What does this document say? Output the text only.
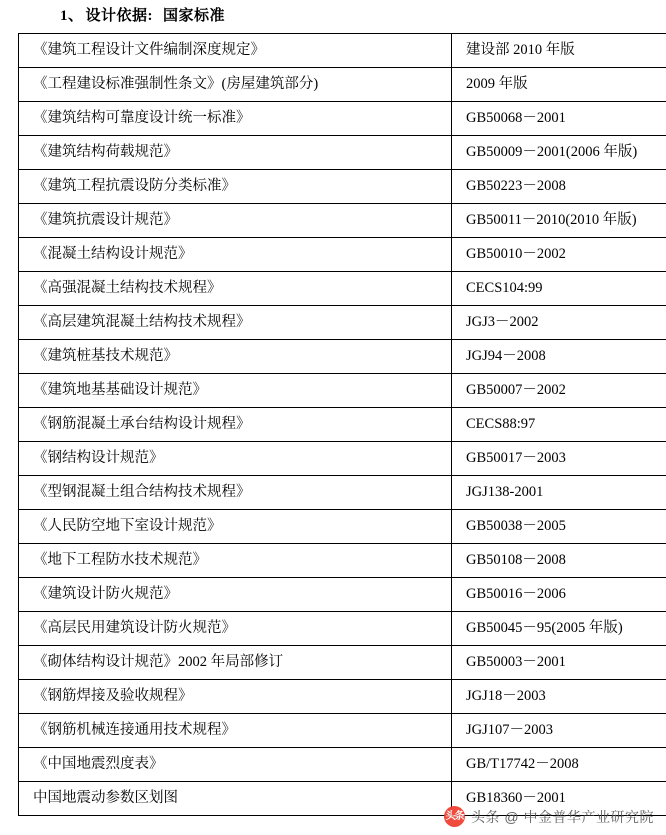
1、 设计依据: 国家标准
《建筑工程设计文件编制深度规定》	建设部 2010 年版
《工程建设标准强制性条文》(房屋建筑部分)	2009 年版
《建筑结构可靠度设计统一标准》	GB50068－2001
《建筑结构荷载规范》	GB50009－2001(2006 年版)
《建筑工程抗震设防分类标准》	GB50223－2008
《建筑抗震设计规范》	GB50011－2010(2010 年版)
《混凝土结构设计规范》	GB50010－2002
《高强混凝土结构技术规程》	CECS104:99
《高层建筑混凝土结构技术规程》	JGJ3－2002
《建筑桩基技术规范》	JGJ94－2008
《建筑地基基础设计规范》	GB50007－2002
《钢筋混凝土承台结构设计规程》	CECS88:97
《钢结构设计规范》	GB50017－2003
《型钢混凝土组合结构技术规程》	JGJ138-2001
《人民防空地下室设计规范》	GB50038－2005
《地下工程防水技术规范》	GB50108－2008
《建筑设计防火规范》	GB50016－2006
《高层民用建筑设计防火规范》	GB50045－95(2005 年版)
《砌体结构设计规范》2002 年局部修订	GB50003－2001
《钢筋焊接及验收规程》	JGJ18－2003
《钢筋机械连接通用技术规程》	JGJ107－2003
《中国地震烈度表》	GB/T17742－2008
中国地震动参数区划图	GB18360－2001
头条 头条 @ 中金普华产业研究院
